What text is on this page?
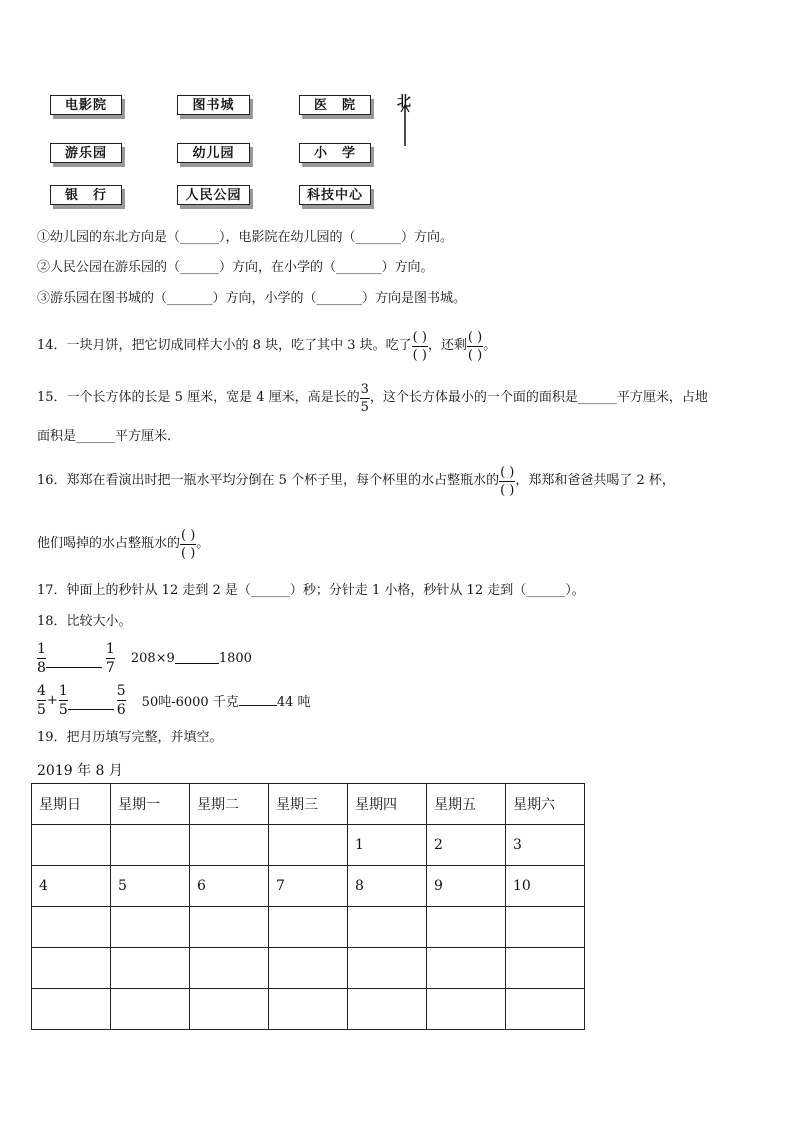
电影院	图书城	医　院
游乐园	幼儿园	小　学
银　行	人民公园	科技中心
北
①幼儿园的东北方向是（______），电影院在幼儿园的（_______）方向。
②人民公园在游乐园的（______）方向，在小学的（_______）方向。
③游乐园在图书城的（_______）方向，小学的（_______）方向是图书城。
14．一块月饼，把它切成同样大小的 8 块，吃了其中 3 块。吃了 $\frac{( )}{( )}$ ，还剩 $\frac{( )}{( )}$ 。
15．一个长方体的长是 5 厘米，宽是 4 厘米，高是长的 $\frac{3}{5}$ ，这个长方体最小的一个面的面积是______平方厘米，占地
面积是______平方厘米．
16．郑郑在看演出时把一瓶水平均分倒在 5 个杯子里，每个杯里的水占整瓶水的 $\frac{( )}{( )}$ ，郑郑和爸爸共喝了 2 杯，
他们喝掉的水占整瓶水的 $\frac{( )}{( )}$ 。
17．钟面上的秒针从 12 走到 2 是（______）秒；分针走 1 小格，秒针从 12 走到（______）。
18．比较大小。
1
8
1
7
208×9	1800
4
5
+
1
5
5
6 50吨-6000 千克	44 吨
19．把月历填写完整，并填空。
2019 年 8 月
星期日	星期一	星期二	星期三	星期四	星期五	星期六
				1	2	3
4	5	6	7	8	9	10
